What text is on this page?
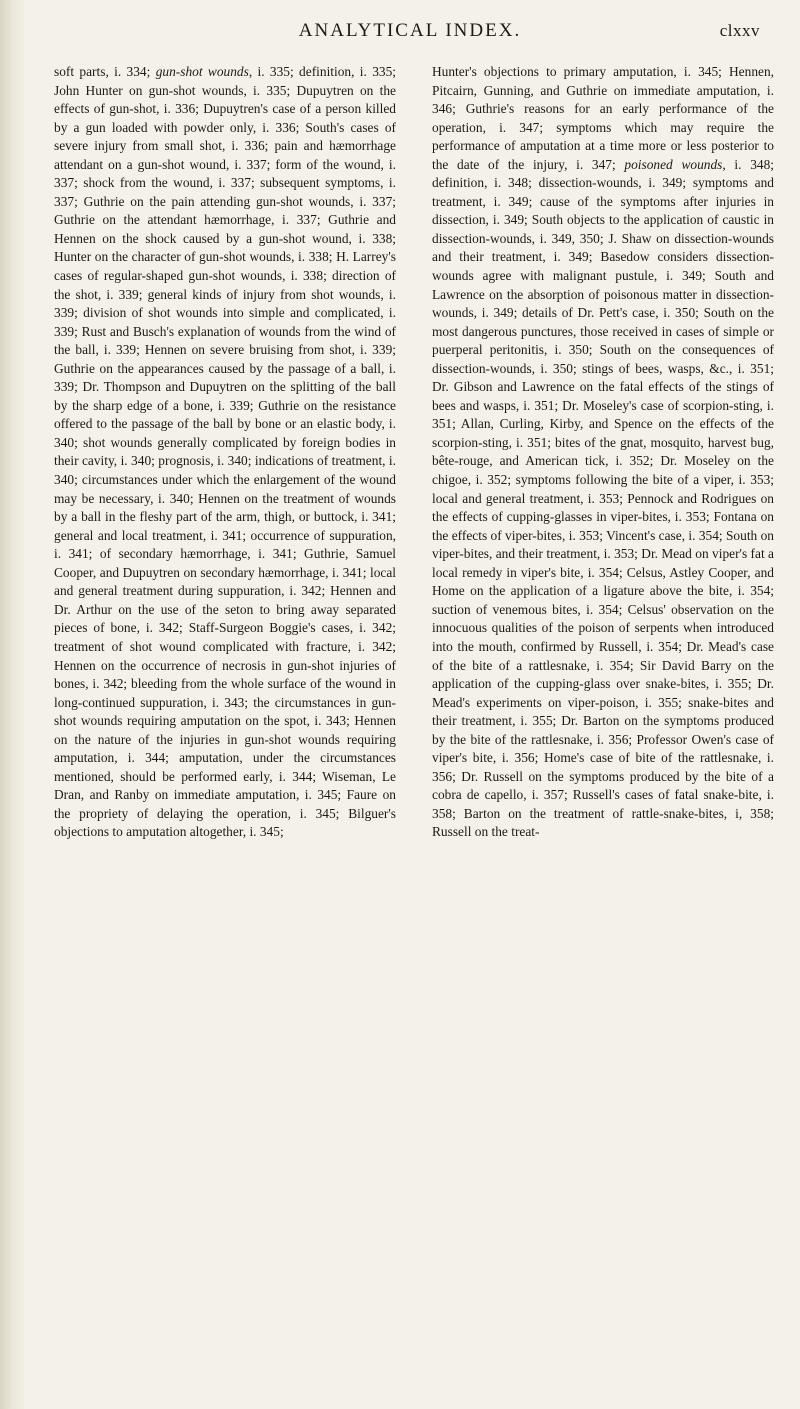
ANALYTICAL INDEX.	clxxv

soft parts, i. 334; gun-shot wounds, i. 335; definition, i. 335; John Hunter on gun-shot wounds, i. 335; Dupuytren on the effects of gun-shot, i. 336; Dupuytren's case of a person killed by a gun loaded with powder only, i. 336; South's cases of severe injury from small shot, i. 336; pain and hæmorrhage attendant on a gun-shot wound, i. 337; form of the wound, i. 337; shock from the wound, i. 337; subsequent symptoms, i. 337; Guthrie on the pain attending gun-shot wounds, i. 337; Guthrie on the attendant hæmorrhage, i. 337; Guthrie and Hennen on the shock caused by a gun-shot wound, i. 338; Hunter on the character of gun-shot wounds, i. 338; H. Larrey's cases of regular-shaped gun-shot wounds, i. 338; direction of the shot, i. 339; general kinds of injury from shot wounds, i. 339; division of shot wounds into simple and complicated, i. 339; Rust and Busch's explanation of wounds from the wind of the ball, i. 339; Hennen on severe bruising from shot, i. 339; Guthrie on the appearances caused by the passage of a ball, i. 339; Dr. Thompson and Dupuytren on the splitting of the ball by the sharp edge of a bone, i. 339; Guthrie on the resistance offered to the passage of the ball by bone or an elastic body, i. 340; shot wounds generally complicated by foreign bodies in their cavity, i. 340; prognosis, i. 340; indications of treatment, i. 340; circumstances under which the enlargement of the wound may be necessary, i. 340; Hennen on the treatment of wounds by a ball in the fleshy part of the arm, thigh, or buttock, i. 341; general and local treatment, i. 341; occurrence of suppuration, i. 341; of secondary hæmorrhage, i. 341; Guthrie, Samuel Cooper, and Dupuytren on secondary hæmorrhage, i. 341; local and general treatment during suppuration, i. 342; Hennen and Dr. Arthur on the use of the seton to bring away separated pieces of bone, i. 342; Staff-Surgeon Boggie's cases, i. 342; treatment of shot wound complicated with fracture, i. 342; Hennen on the occurrence of necrosis in gun-shot injuries of bones, i. 342; bleeding from the whole surface of the wound in long-continued suppuration, i. 343; the circumstances in gun-shot wounds requiring amputation on the spot, i. 343; Hennen on the nature of the injuries in gun-shot wounds requiring amputation, i. 344; amputation, under the circumstances mentioned, should be performed early, i. 344; Wiseman, Le Dran, and Ranby on immediate amputation, i. 345; Faure on the propriety of delaying the operation, i. 345; Bilguer's objections to amputation altogether, i. 345;

Hunter's objections to primary amputation, i. 345; Hennen, Pitcairn, Gunning, and Guthrie on immediate amputation, i. 346; Guthrie's reasons for an early performance of the operation, i. 347; symptoms which may require the performance of amputation at a time more or less posterior to the date of the injury, i. 347; poisoned wounds, i. 348; definition, i. 348; dissection-wounds, i. 349; symptoms and treatment, i. 349; cause of the symptoms after injuries in dissection, i. 349; South objects to the application of caustic in dissection-wounds, i. 349, 350; J. Shaw on dissection-wounds and their treatment, i. 349; Basedow considers dissection-wounds agree with malignant pustule, i. 349; South and Lawrence on the absorption of poisonous matter in dissection-wounds, i. 349; details of Dr. Pett's case, i. 350; South on the most dangerous punctures, those received in cases of simple or puerperal peritonitis, i. 350; South on the consequences of dissection-wounds, i. 350; stings of bees, wasps, &c., i. 351; Dr. Gibson and Lawrence on the fatal effects of the stings of bees and wasps, i. 351; Dr. Moseley's case of scorpion-sting, i. 351; Allan, Curling, Kirby, and Spence on the effects of the scorpion-sting, i. 351; bites of the gnat, mosquito, harvest bug, bête-rouge, and American tick, i. 352; Dr. Moseley on the chigoe, i. 352; symptoms following the bite of a viper, i. 353; local and general treatment, i. 353; Pennock and Rodrigues on the effects of cupping-glasses in viper-bites, i. 353; Fontana on the effects of viper-bites, i. 353; Vincent's case, i. 354; South on viper-bites, and their treatment, i. 353; Dr. Mead on viper's fat a local remedy in viper's bite, i. 354; Celsus, Astley Cooper, and Home on the application of a ligature above the bite, i. 354; suction of venemous bites, i. 354; Celsus' observation on the innocuous qualities of the poison of serpents when introduced into the mouth, confirmed by Russell, i. 354; Dr. Mead's case of the bite of a rattlesnake, i. 354; Sir David Barry on the application of the cupping-glass over snake-bites, i. 355; Dr. Mead's experiments on viper-poison, i. 355; snake-bites and their treatment, i. 355; Dr. Barton on the symptoms produced by the bite of the rattlesnake, i. 356; Professor Owen's case of viper's bite, i. 356; Home's case of bite of the rattlesnake, i. 356; Dr. Russell on the symptoms produced by the bite of a cobra de capello, i. 357; Russell's cases of fatal snake-bite, i. 358; Barton on the treatment of rattle-snake-bites, i, 358; Russell on the treat-
